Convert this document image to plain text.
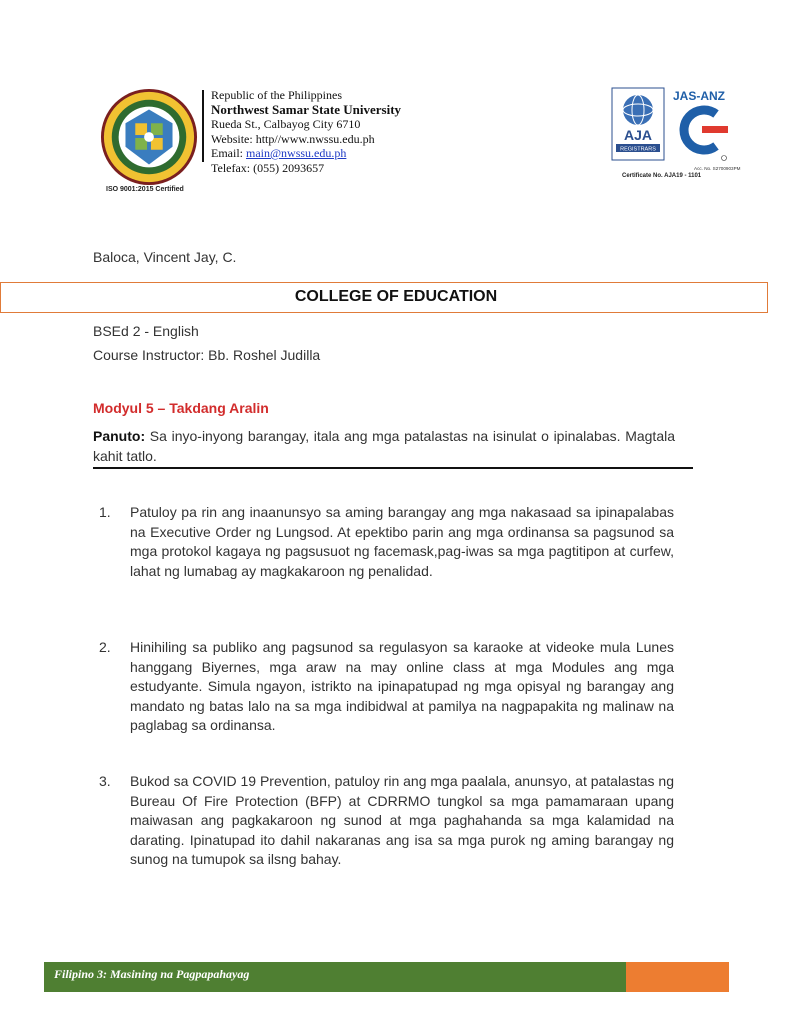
ISO 9001:2015 Certified
Republic of the Philippines
Northwest Samar State University
Rueda St., Calbayog City 6710
Website: http//www.nwssu.edu.ph
Email: main@nwssu.edu.ph
Telefax: (055) 2093657
AJA
REGISTRARS
JAS-ANZ
Acc. No. S2700903PM
Certificate No. AJA19 - 1101
Baloca, Vincent Jay, C.
COLLEGE OF EDUCATION
BSEd 2 - English
Course Instructor: Bb. Roshel Judilla
Modyul 5 – Takdang Aralin
Panuto: Sa inyo-inyong barangay, itala ang mga patalastas na isinulat o ipinalabas. Magtala kahit tatlo.
1.	Patuloy pa rin ang inaanunsyo sa aming barangay ang mga nakasaad sa ipinapalabas na Executive Order ng Lungsod. At epektibo parin ang mga ordinansa sa pagsunod sa mga protokol kagaya ng pagsusuot ng facemask,pag-iwas sa mga pagtitipon at curfew, lahat ng lumabag ay magkakaroon ng penalidad.
2.	Hinihiling sa publiko ang pagsunod sa regulasyon sa karaoke at videoke mula Lunes hanggang Biyernes, mga araw na may online class at mga Modules ang mga estudyante. Simula ngayon, istrikto na ipinapatupad ng mga opisyal ng barangay ang mandato ng batas lalo na sa mga indibidwal at pamilya na nagpapakita ng malinaw na paglabag sa ordinansa.
3.	Bukod sa COVID 19 Prevention, patuloy rin ang mga paalala, anunsyo, at patalastas ng Bureau Of Fire Protection (BFP) at CDRRMO tungkol sa mga pamamaraan upang maiwasan ang pagkakaroon ng sunod at mga paghahanda sa mga kalamidad na darating. Ipinatupad ito dahil nakaranas ang isa sa mga purok ng aming barangay ng sunog na tumupok sa ilsng bahay.
Filipino 3: Masining na Pagpapahayag
